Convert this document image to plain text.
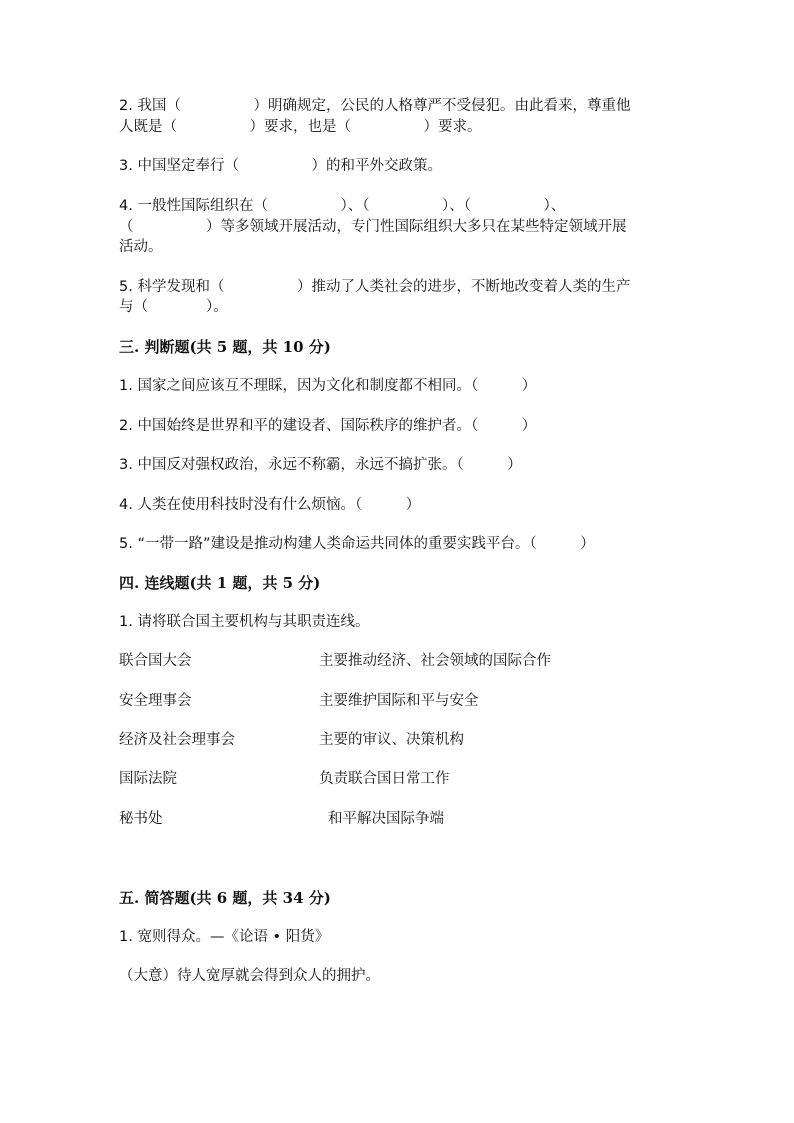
2. 我国（　　　　　）明确规定，公民的人格尊严不受侵犯。由此看来，尊重他
人既是（　　　　　）要求，也是（　　　　　）要求。
3. 中国坚定奉行（　　　　　）的和平外交政策。
4. 一般性国际组织在（　　　　　）、（　　　　　）、（　　　　　）、
（　　　　　）等多领域开展活动，专门性国际组织大多只在某些特定领域开展
活动。
5. 科学发现和（　　　　　）推动了人类社会的进步，不断地改变着人类的生产
与（　　　　）。
三. 判断题(共 5 题，共 10 分)
1. 国家之间应该互不理睬，因为文化和制度都不相同。（　　　）
2. 中国始终是世界和平的建设者、国际秩序的维护者。（　　　）
3. 中国反对强权政治，永远不称霸，永远不搞扩张。（　　　）
4. 人类在使用科技时没有什么烦恼。（　　　）
5. “一带一路”建设是推动构建人类命运共同体的重要实践平台。（　　　）
四. 连线题(共 1 题，共 5 分)
1. 请将联合国主要机构与其职责连线。
联合国大会	主要推动经济、社会领域的国际合作
安全理事会	主要维护国际和平与安全
经济及社会理事会	主要的审议、决策机构
国际法院	负责联合国日常工作
秘书处	和平解决国际争端
五. 简答题(共 6 题，共 34 分)
1. 宽则得众。—《论语 • 阳货》
（大意）待人宽厚就会得到众人的拥护。
